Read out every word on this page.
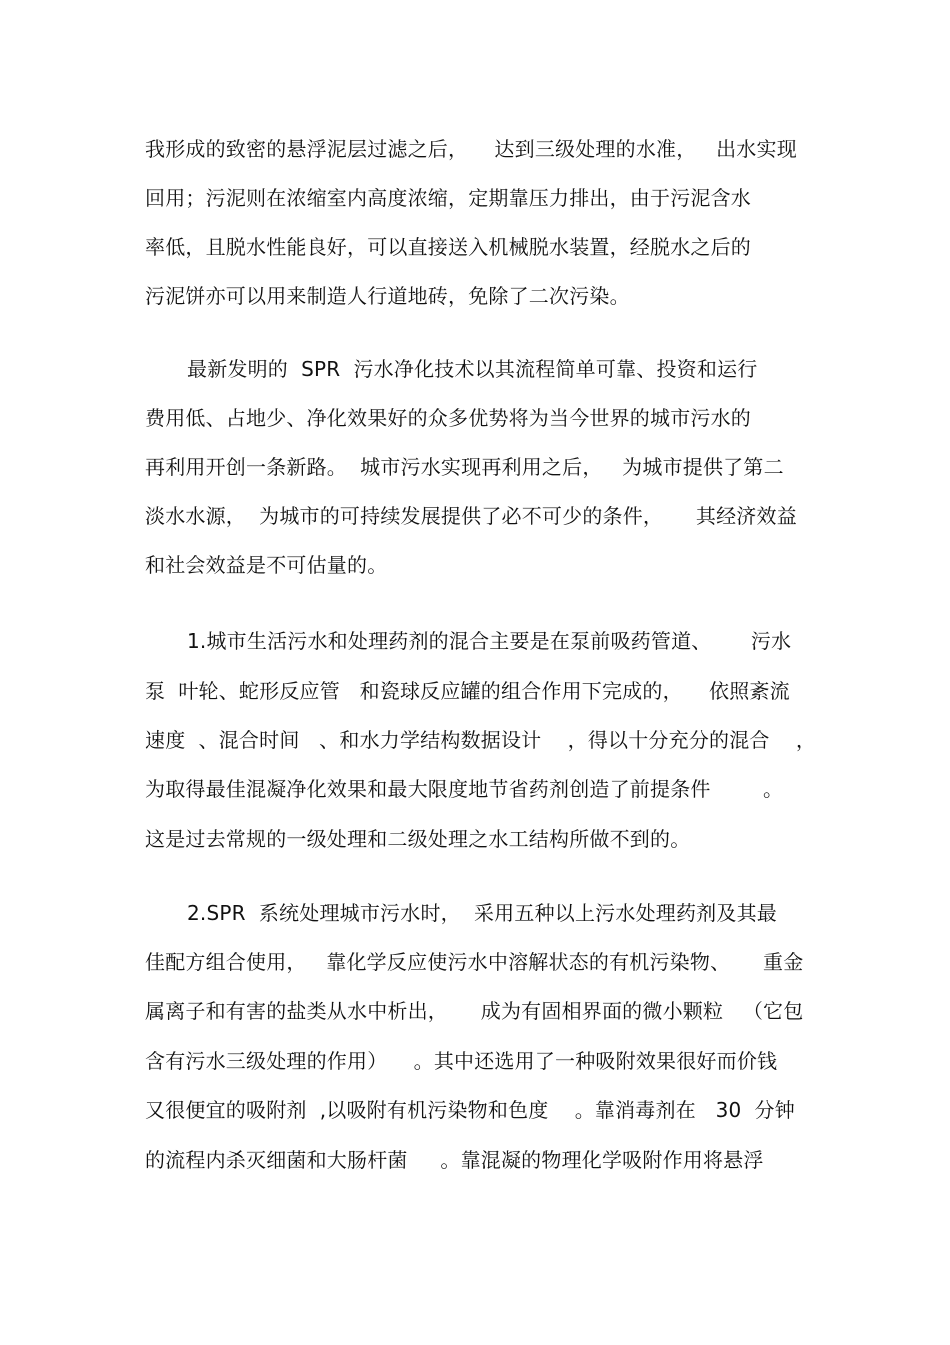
我形成的致密的悬浮泥层过滤之后，    达到三级处理的水准，   出水实现
回用；污泥则在浓缩室内高度浓缩，定期靠压力排出，由于污泥含水
率低，且脱水性能良好，可以直接送入机械脱水装置，经脱水之后的
污泥饼亦可以用来制造人行道地砖，免除了二次污染。
最新发明的  SPR  污水净化技术以其流程简单可靠、投资和运行
费用低、占地少、净化效果好的众多优势将为当今世界的城市污水的
再利用开创一条新路。  城市污水实现再利用之后，   为城市提供了第二
淡水水源，  为城市的可持续发展提供了必不可少的条件，     其经济效益
和社会效益是不可估量的。
1.城市生活污水和处理药剂的混合主要是在泵前吸药管道、      污水
泵  叶轮、蛇形反应管   和瓷球反应罐的组合作用下完成的，    依照紊流
速度  、混合时间   、和水力学结构数据设计    ，得以十分充分的混合    ，
为取得最佳混凝净化效果和最大限度地节省药剂创造了前提条件        。
这是过去常规的一级处理和二级处理之水工结构所做不到的。
2.SPR  系统处理城市污水时，  采用五种以上污水处理药剂及其最
佳配方组合使用，   靠化学反应使污水中溶解状态的有机污染物、     重金
属离子和有害的盐类从水中析出，     成为有固相界面的微小颗粒   （它包
含有污水三级处理的作用）    。其中还选用了一种吸附效果很好而价钱
又很便宜的吸附剂  ,以吸附有机污染物和色度    。靠消毒剂在   30  分钟
的流程内杀灭细菌和大肠杆菌     。靠混凝的物理化学吸附作用将悬浮
